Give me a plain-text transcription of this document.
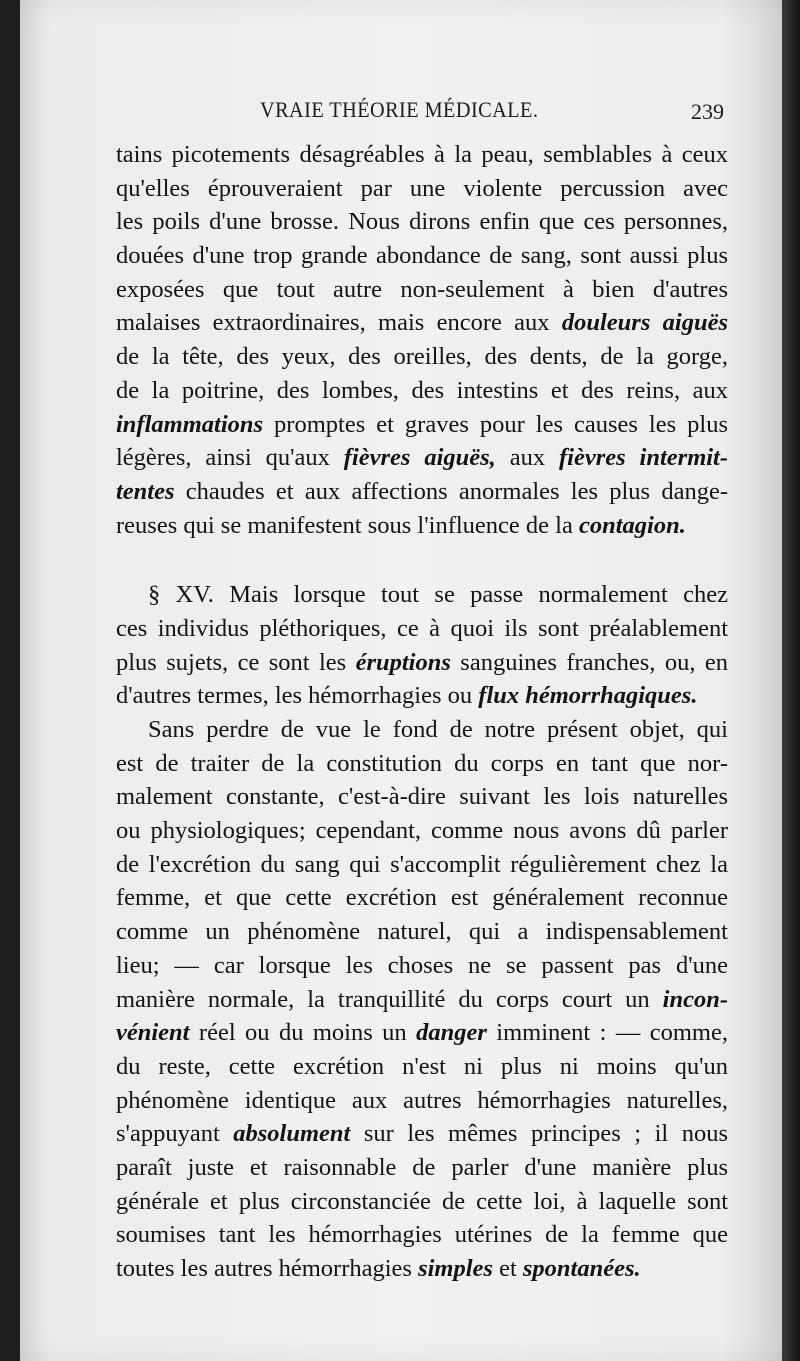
VRAIE THÉORIE MÉDICALE.	239
tains picotements désagréables à la peau, semblables à ceux
qu'elles éprouveraient par une violente percussion avec
les poils d'une brosse. Nous dirons enfin que ces personnes,
douées d'une trop grande abondance de sang, sont aussi plus
exposées que tout autre non-seulement à bien d'autres
malaises extraordinaires, mais encore aux douleurs aiguës
de la tête, des yeux, des oreilles, des dents, de la gorge,
de la poitrine, des lombes, des intestins et des reins, aux
inflammations promptes et graves pour les causes les plus
légères, ainsi qu'aux fièvres aiguës, aux fièvres intermit-
tentes chaudes et aux affections anormales les plus dange-
reuses qui se manifestent sous l'influence de la contagion.
§ XV. Mais lorsque tout se passe normalement chez
ces individus pléthoriques, ce à quoi ils sont préalablement
plus sujets, ce sont les éruptions sanguines franches, ou, en
d'autres termes, les hémorrhagies ou flux hémorrhagiques.
Sans perdre de vue le fond de notre présent objet, qui
est de traiter de la constitution du corps en tant que nor-
malement constante, c'est-à-dire suivant les lois naturelles
ou physiologiques; cependant, comme nous avons dû parler
de l'excrétion du sang qui s'accomplit régulièrement chez la
femme, et que cette excrétion est généralement reconnue
comme un phénomène naturel, qui a indispensablement
lieu; — car lorsque les choses ne se passent pas d'une
manière normale, la tranquillité du corps court un incon-
vénient réel ou du moins un danger imminent : — comme,
du reste, cette excrétion n'est ni plus ni moins qu'un
phénomène identique aux autres hémorrhagies naturelles,
s'appuyant absolument sur les mêmes principes ; il nous
paraît juste et raisonnable de parler d'une manière plus
générale et plus circonstanciée de cette loi, à laquelle sont
soumises tant les hémorrhagies utérines de la femme que
toutes les autres hémorrhagies simples et spontanées.
